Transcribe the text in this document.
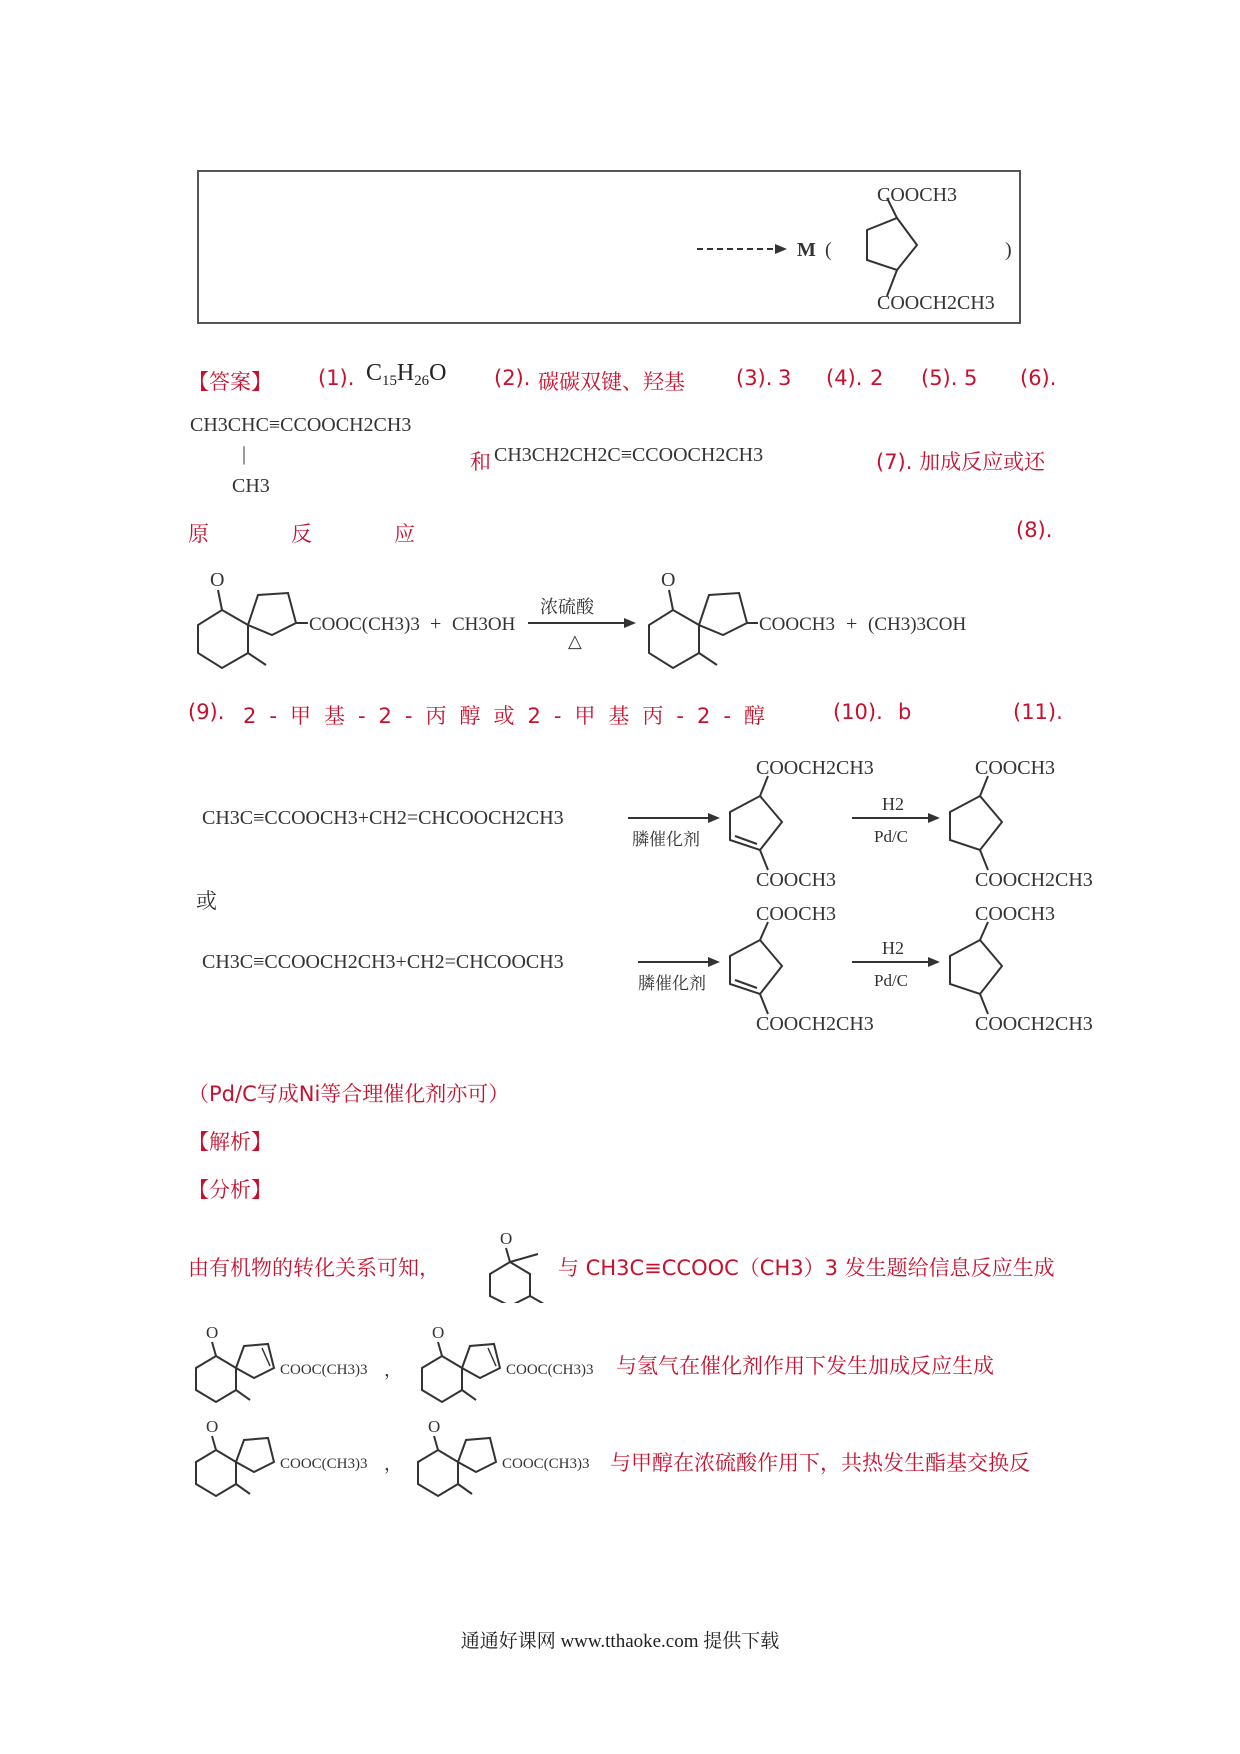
M (
COOCH3
COOCH2CH3
)
【答案】 (1). $C_{15}H_{26}O$ (2). 碳碳双键、羟基 (3). 3 (4). 2 (5). 5 (6).
CH3CHC≡CCOOCH2CH3
|
CH3
和 CH3CH2CH2C≡CCOOCH2CH3	(7). 加成反应或还
原反应	(8).
O
COOC(CH3)3 + CH3OH
浓硫酸
△
O
COOCH3 + (CH3)3COH
(9). 2-甲基-2-丙醇或2-甲基丙-2-醇	(10). b	(11).
CH3C≡CCOOCH3+CH2=CHCOOCH2CH3
膦催化剂
COOCH2CH3
COOCH3
H2
Pd/C
COOCH3
COOCH2CH3
或
CH3C≡CCOOCH2CH3+CH2=CHCOOCH3
膦催化剂
COOCH3
COOCH2CH3
H2
Pd/C
COOCH3
COOCH2CH3
（Pd/C写成Ni等合理催化剂亦可）
【解析】
【分析】
由有机物的转化关系可知，
O
与 CH3C≡CCOOC（CH3）3 发生题给信息反应生成
O
COOC(CH3)3 ，
O
COOC(CH3)3 与氢气在催化剂作用下发生加成反应生成
O
COOC(CH3)3 ，
O
COOC(CH3)3 与甲醇在浓硫酸作用下，共热发生酯基交换反
通通好课网 www.tthaoke.com 提供下载
